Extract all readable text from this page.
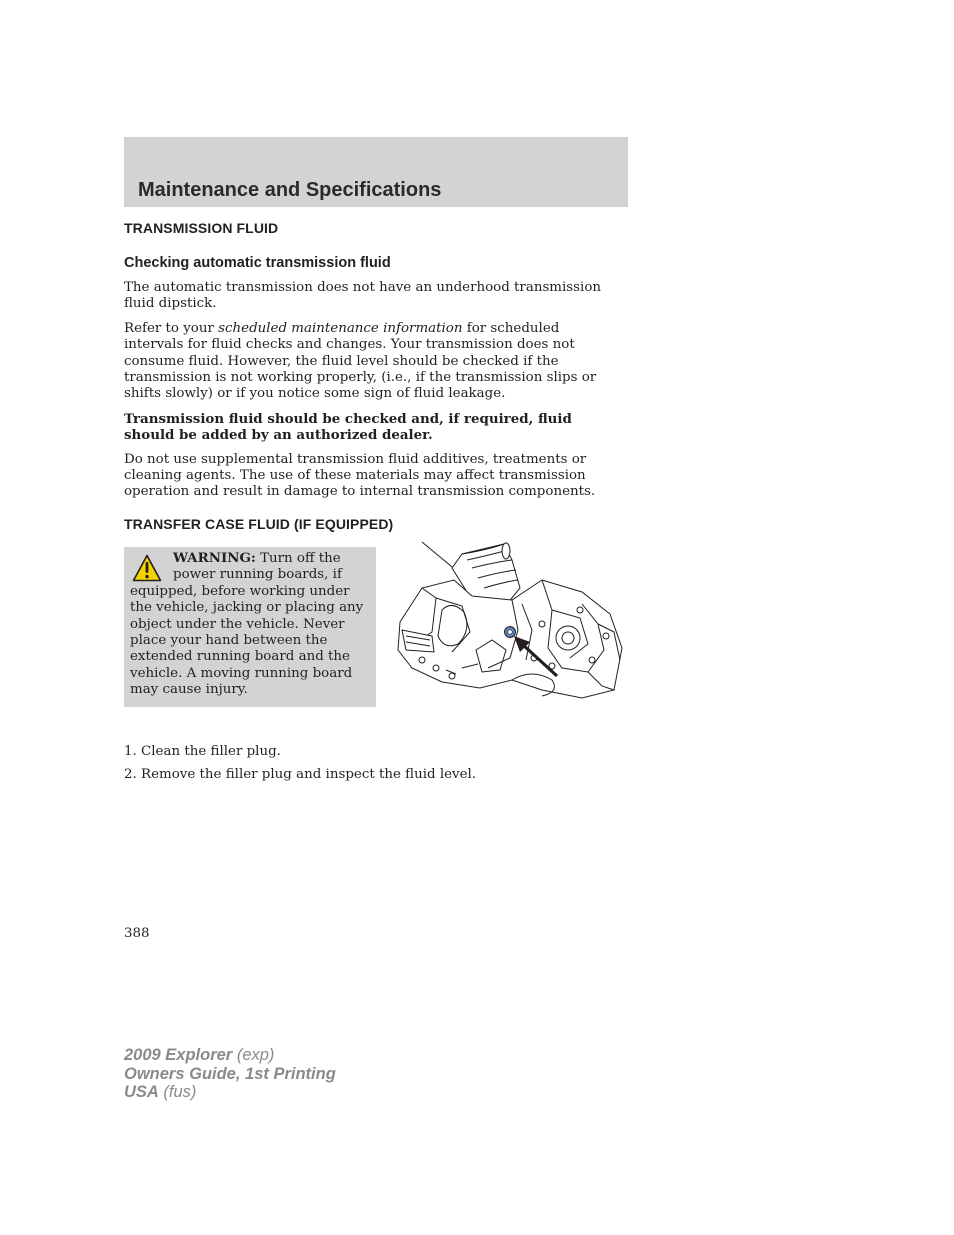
Maintenance and Specifications
TRANSMISSION FLUID
Checking automatic transmission fluid

The automatic transmission does not have an underhood transmission fluid dipstick.

Refer to your scheduled maintenance information for scheduled intervals for fluid checks and changes. Your transmission does not consume fluid. However, the fluid level should be checked if the transmission is not working properly, (i.e., if the transmission slips or shifts slowly) or if you notice some sign of fluid leakage.

Transmission fluid should be checked and, if required, fluid should be added by an authorized dealer.

Do not use supplemental transmission fluid additives, treatments or cleaning agents. The use of these materials may affect transmission operation and result in damage to internal transmission components.

TRANSFER CASE FLUID (IF EQUIPPED)
WARNING: Turn off the
power running boards, if
equipped, before working under
the vehicle, jacking or placing any object under the vehicle. Never place your hand between the extended running board and the vehicle. A moving running board may cause injury.

1. Clean the filler plug.

2. Remove the filler plug and inspect the fluid level.

388
2009 Explorer (exp)
Owners Guide, 1st Printing
USA (fus)
